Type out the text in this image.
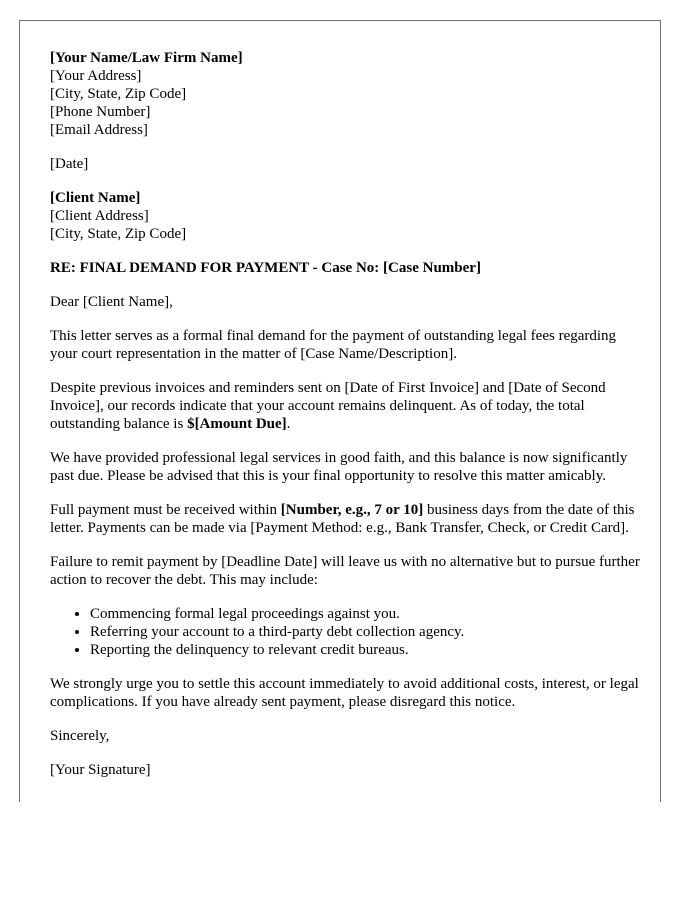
[Your Name/Law Firm Name]
[Your Address]
[City, State, Zip Code]
[Phone Number]
[Email Address]
[Date]
[Client Name]
[Client Address]
[City, State, Zip Code]
RE: FINAL DEMAND FOR PAYMENT - Case No: [Case Number]
Dear [Client Name],

This letter serves as a formal final demand for the payment of outstanding legal fees regarding your court representation in the matter of [Case Name/Description].

Despite previous invoices and reminders sent on [Date of First Invoice] and [Date of Second Invoice], our records indicate that your account remains delinquent. As of today, the total outstanding balance is $[Amount Due].

We have provided professional legal services in good faith, and this balance is now significantly past due. Please be advised that this is your final opportunity to resolve this matter amicably.

Full payment must be received within [Number, e.g., 7 or 10] business days from the date of this letter. Payments can be made via [Payment Method: e.g., Bank Transfer, Check, or Credit Card].

Failure to remit payment by [Deadline Date] will leave us with no alternative but to pursue further action to recover the debt. This may include:

• Commencing formal legal proceedings against you.
• Referring your account to a third-party debt collection agency.
• Reporting the delinquency to relevant credit bureaus.

We strongly urge you to settle this account immediately to avoid additional costs, interest, or legal complications. If you have already sent payment, please disregard this notice.

Sincerely,

[Your Signature]
